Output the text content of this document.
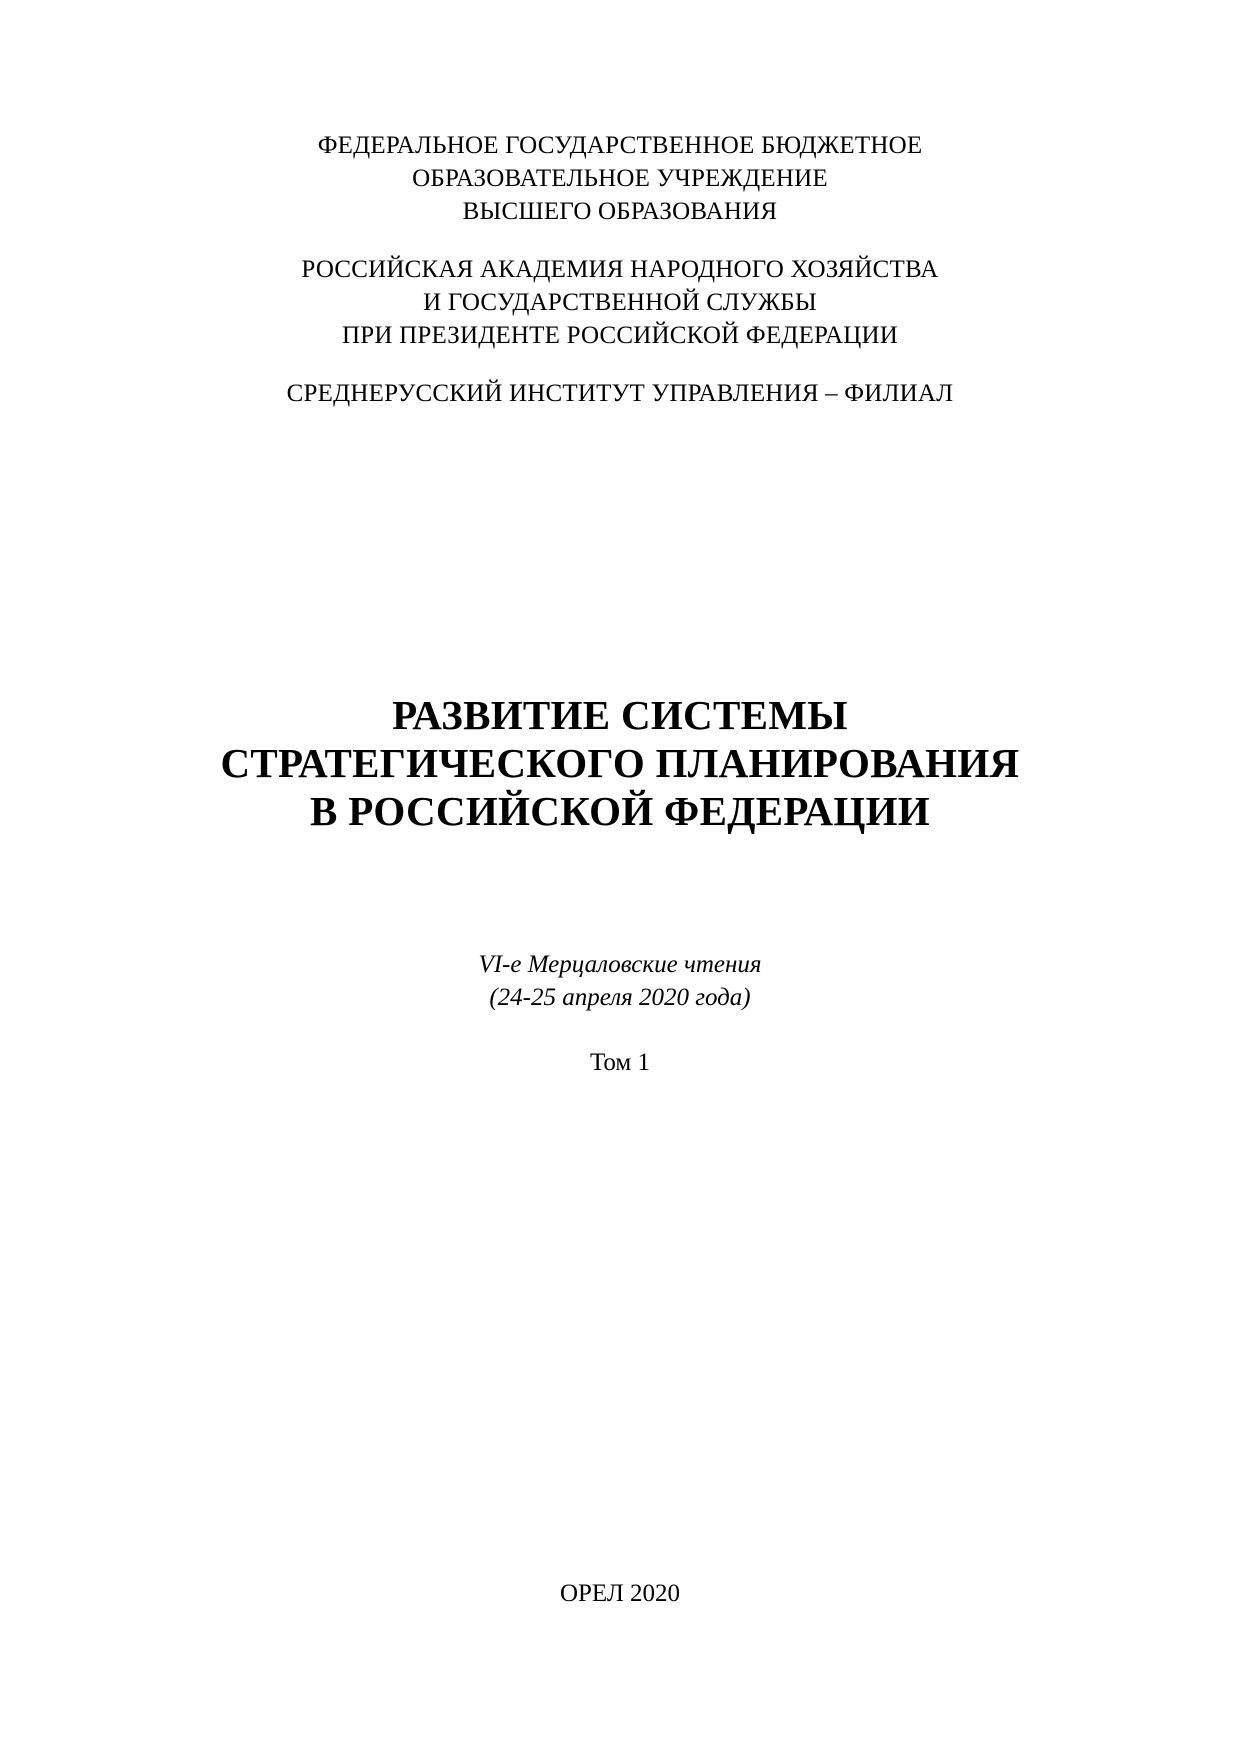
ФЕДЕРАЛЬНОЕ ГОСУДАРСТВЕННОЕ БЮДЖЕТНОЕ
ОБРАЗОВАТЕЛЬНОЕ УЧРЕЖДЕНИЕ
ВЫСШЕГО ОБРАЗОВАНИЯ
РОССИЙСКАЯ АКАДЕМИЯ НАРОДНОГО ХОЗЯЙСТВА
И ГОСУДАРСТВЕННОЙ СЛУЖБЫ
ПРИ ПРЕЗИДЕНТЕ РОССИЙСКОЙ ФЕДЕРАЦИИ
СРЕДНЕРУССКИЙ ИНСТИТУТ УПРАВЛЕНИЯ – ФИЛИАЛ
РАЗВИТИЕ СИСТЕМЫ
СТРАТЕГИЧЕСКОГО ПЛАНИРОВАНИЯ
В РОССИЙСКОЙ ФЕДЕРАЦИИ
VI-е Мерцаловские чтения
(24-25 апреля 2020 года)
Том 1
ОРЕЛ 2020
